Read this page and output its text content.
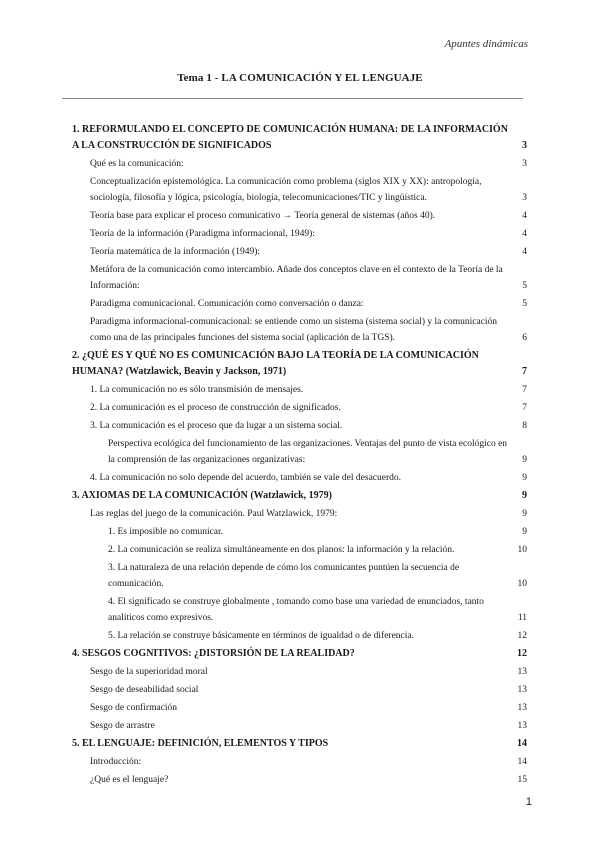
Apuntes dinámicas
Tema 1 - LA COMUNICACIÓN Y EL LENGUAJE
1. REFORMULANDO EL CONCEPTO DE COMUNICACIÓN HUMANA: DE LA INFORMACIÓN A LA CONSTRUCCIÓN DE SIGNIFICADOS	3
Qué es la comunicación:	3
Conceptualización epistemológica. La comunicación como problema (siglos XIX y XX): antropología, sociología, filosofía y lógica, psicología, biología, telecomunicaciones/TIC y lingüística.	3
Teoría base para explicar el proceso comunicativo → Teoría general de sistemas (años 40).	4
Teoría de la información (Paradigma informacional, 1949):	4
Teoría matemática de la información (1949):	4
Metáfora de la comunicación como intercambio. Añade dos conceptos clave en el contexto de la Teoría de la Información:	5
Paradigma comunicacional. Comunicación como conversación o danza:	5
Paradigma informacional-comunicacional: se entiende como un sistema (sistema social) y la comunicación como una de las principales funciones del sistema social (aplicación de la TGS).	6
2. ¿QUÉ ES Y QUÉ NO ES COMUNICACIÓN BAJO LA TEORÍA DE LA COMUNICACIÓN HUMANA? (Watzlawick, Beavin y Jackson, 1971)	7
1. La comunicación no es sólo transmisión de mensajes.	7
2. La comunicación es el proceso de construcción de significados.	7
3. La comunicación es el proceso que da lugar a un sistema social.	8
Perspectiva ecológica del funcionamiento de las organizaciones. Ventajas del punto de vista ecológico en la comprensión de las organizaciones organizativas:	9
4. La comunicación no solo depende del acuerdo, también se vale del desacuerdo.	9
3. AXIOMAS DE LA COMUNICACIÓN (Watzlawick, 1979)	9
Las reglas del juego de la comunicación. Paul Watzlawick, 1979:	9
1. Es imposible no comunicar.	9
2. La comunicación se realiza simultáneamente en dos planos: la información y la relación.	10
3. La naturaleza de una relación depende de cómo los comunicantes puntúen la secuencia de comunicación.	10
4. El significado se construye globalmente , tomando como base una variedad de enunciados, tanto analíticos como expresivos.	11
5. La relación se construye básicamente en términos de igualdad o de diferencia.	12
4. SESGOS COGNITIVOS: ¿DISTORSIÓN DE LA REALIDAD?	12
Sesgo de la superioridad moral	13
Sesgo de deseabilidad social	13
Sesgo de confirmación	13
Sesgo de arrastre	13
5. EL LENGUAJE: DEFINICIÓN, ELEMENTOS Y TIPOS	14
Introducción:	14
¿Qué es el lenguaje?	15
1
